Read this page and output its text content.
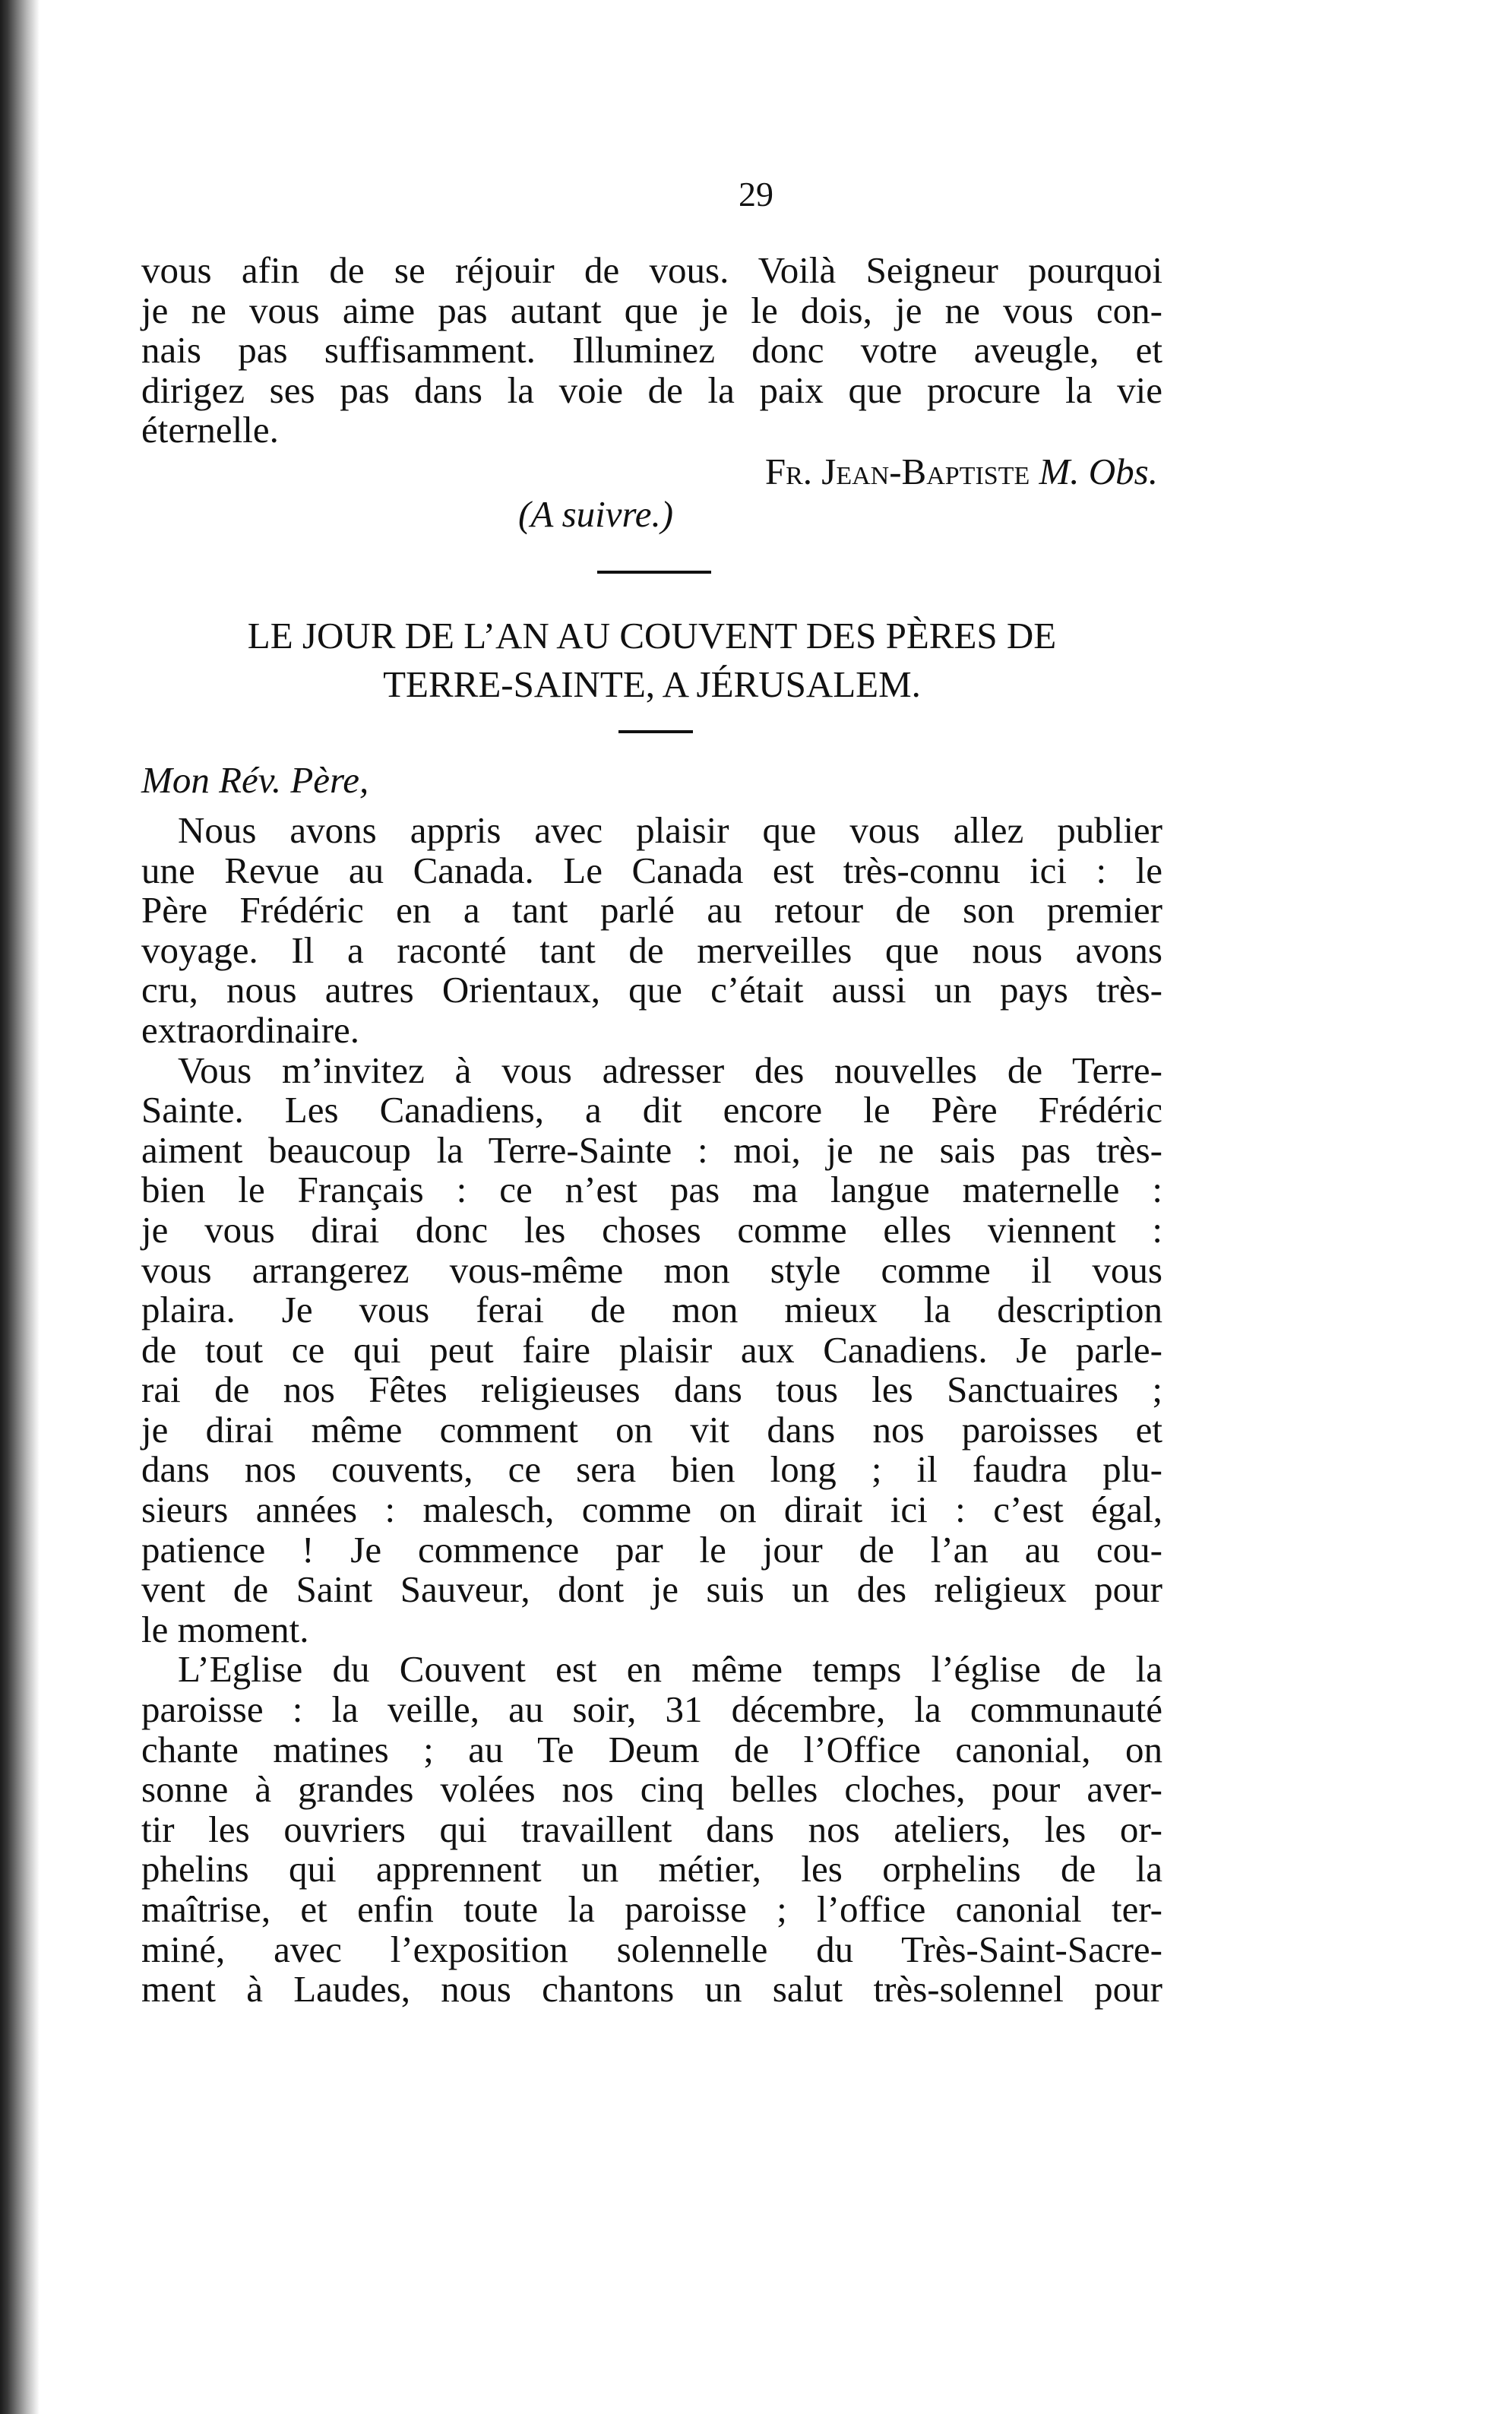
29
vous afin de se réjouir de vous. Voilà Seigneur pourquoi
je ne vous aime pas autant que je le dois, je ne vous con-
nais pas suffisamment. Illuminez donc votre aveugle, et
dirigez ses pas dans la voie de la paix que procure la vie
éternelle.
Fr. Jean-Baptiste M. Obs.
(A suivre.)
LE JOUR DE L’AN AU COUVENT DES PÈRES DE
TERRE-SAINTE, A JÉRUSALEM.
Mon Rév. Père,
Nous avons appris avec plaisir que vous allez publier
une Revue au Canada. Le Canada est très-connu ici : le
Père Frédéric en a tant parlé au retour de son premier
voyage. Il a raconté tant de merveilles que nous avons
cru, nous autres Orientaux, que c’était aussi un pays très-
extraordinaire.
Vous m’invitez à vous adresser des nouvelles de Terre-
Sainte. Les Canadiens, a dit encore le Père Frédéric
aiment beaucoup la Terre-Sainte : moi, je ne sais pas très-
bien le Français : ce n’est pas ma langue maternelle :
je vous dirai donc les choses comme elles viennent :
vous arrangerez vous-même mon style comme il vous
plaira. Je vous ferai de mon mieux la description
de tout ce qui peut faire plaisir aux Canadiens. Je parle-
rai de nos Fêtes religieuses dans tous les Sanctuaires ;
je dirai même comment on vit dans nos paroisses et
dans nos couvents, ce sera bien long ; il faudra plu-
sieurs années : malesch, comme on dirait ici : c’est égal,
patience ! Je commence par le jour de l’an au cou-
vent de Saint Sauveur, dont je suis un des religieux pour
le moment.
L’Eglise du Couvent est en même temps l’église de la
paroisse : la veille, au soir, 31 décembre, la communauté
chante matines ; au Te Deum de l’Office canonial, on
sonne à grandes volées nos cinq belles cloches, pour aver-
tir les ouvriers qui travaillent dans nos ateliers, les or-
phelins qui apprennent un métier, les orphelins de la
maîtrise, et enfin toute la paroisse ; l’office canonial ter-
miné, avec l’exposition solennelle du Très-Saint-Sacre-
ment à Laudes, nous chantons un salut très-solennel pour
